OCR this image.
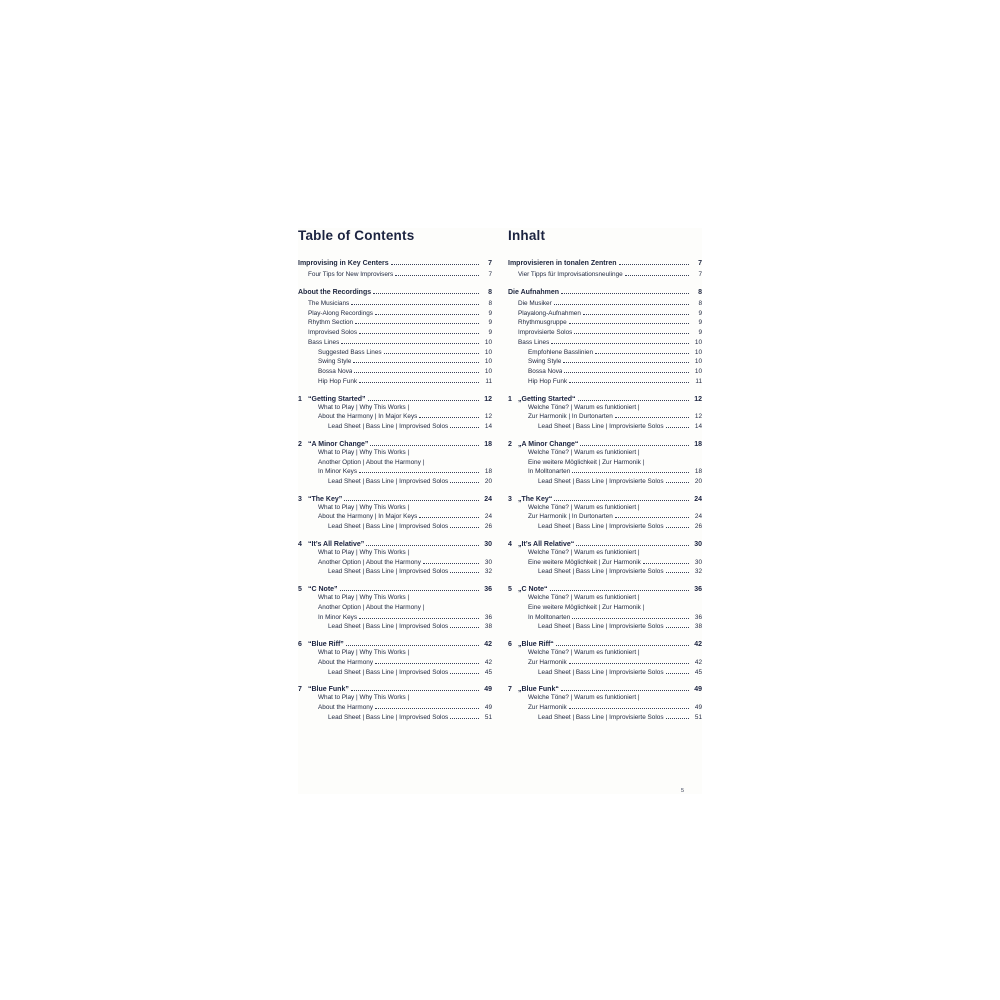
Table of Contents
Improvising in Key Centers	7
Four Tips for New Improvisers	7
About the Recordings	8
The Musicians	8
Play-Along Recordings	9
Rhythm Section	9
Improvised Solos	9
Bass Lines	10
Suggested Bass Lines	10
Swing Style	10
Bossa Nova	10
Hip Hop Funk	11
1 “Getting Started”	12
What to Play | Why This Works |
About the Harmony | In Major Keys	12
Lead Sheet | Bass Line | Improvised Solos	14
2 “A Minor Change”	18
What to Play | Why This Works |
Another Option | About the Harmony |
In Minor Keys	18
Lead Sheet | Bass Line | Improvised Solos	20
3 “The Key”	24
What to Play | Why This Works |
About the Harmony | In Major Keys	24
Lead Sheet | Bass Line | Improvised Solos	26
4 “It’s All Relative”	30
What to Play | Why This Works |
Another Option | About the Harmony	30
Lead Sheet | Bass Line | Improvised Solos	32
5 “C Note”	36
What to Play | Why This Works |
Another Option | About the Harmony |
In Minor Keys	36
Lead Sheet | Bass Line | Improvised Solos	38
6 “Blue Riff”	42
What to Play | Why This Works |
About the Harmony	42
Lead Sheet | Bass Line | Improvised Solos	45
7 “Blue Funk”	49
What to Play | Why This Works |
About the Harmony	49
Lead Sheet | Bass Line | Improvised Solos	51
Inhalt
Improvisieren in tonalen Zentren	7
Vier Tipps für Improvisationsneulinge	7
Die Aufnahmen	8
Die Musiker	8
Playalong-Aufnahmen	9
Rhythmusgruppe	9
Improvisierte Solos	9
Bass Lines	10
Empfohlene Basslinien	10
Swing Style	10
Bossa Nova	10
Hip Hop Funk	11
1 „Getting Started“	12
Welche Töne? | Warum es funktioniert |
Zur Harmonik | In Durtonarten	12
Lead Sheet | Bass Line | Improvisierte Solos	14
2 „A Minor Change“	18
Welche Töne? | Warum es funktioniert |
Eine weitere Möglichkeit | Zur Harmonik |
In Molltonarten	18
Lead Sheet | Bass Line | Improvisierte Solos	20
3 „The Key“	24
Welche Töne? | Warum es funktioniert |
Zur Harmonik | In Durtonarten	24
Lead Sheet | Bass Line | Improvisierte Solos	26
4 „It’s All Relative“	30
Welche Töne? | Warum es funktioniert |
Eine weitere Möglichkeit | Zur Harmonik	30
Lead Sheet | Bass Line | Improvisierte Solos	32
5 „C Note“	36
Welche Töne? | Warum es funktioniert |
Eine weitere Möglichkeit | Zur Harmonik |
In Molltonarten	36
Lead Sheet | Bass Line | Improvisierte Solos	38
6 „Blue Riff“	42
Welche Töne? | Warum es funktioniert |
Zur Harmonik	42
Lead Sheet | Bass Line | Improvisierte Solos	45
7 „Blue Funk“	49
Welche Töne? | Warum es funktioniert |
Zur Harmonik	49
Lead Sheet | Bass Line | Improvisierte Solos	51
5
